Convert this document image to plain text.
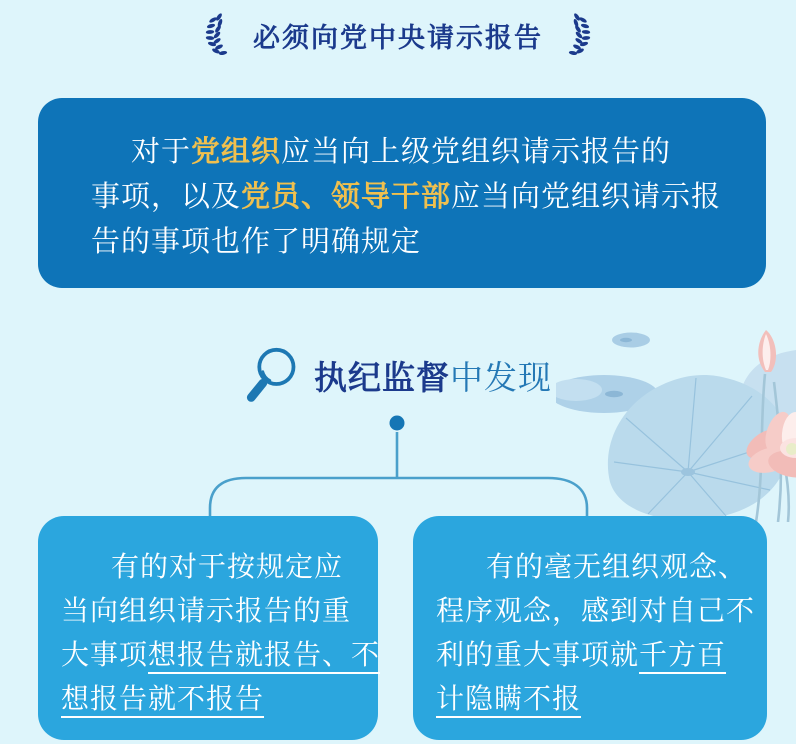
必须向党中央请示报告
对于党组织应当向上级党组织请示报告的
事项，以及党员、领导干部应当向党组织请示报
告的事项也作了明确规定
执纪监督中发现
有的对于按规定应
当向组织请示报告的重
大事项想报告就报告、不
想报告就不报告
有的毫无组织观念、
程序观念，感到对自己不
利的重大事项就千方百
计隐瞒不报
